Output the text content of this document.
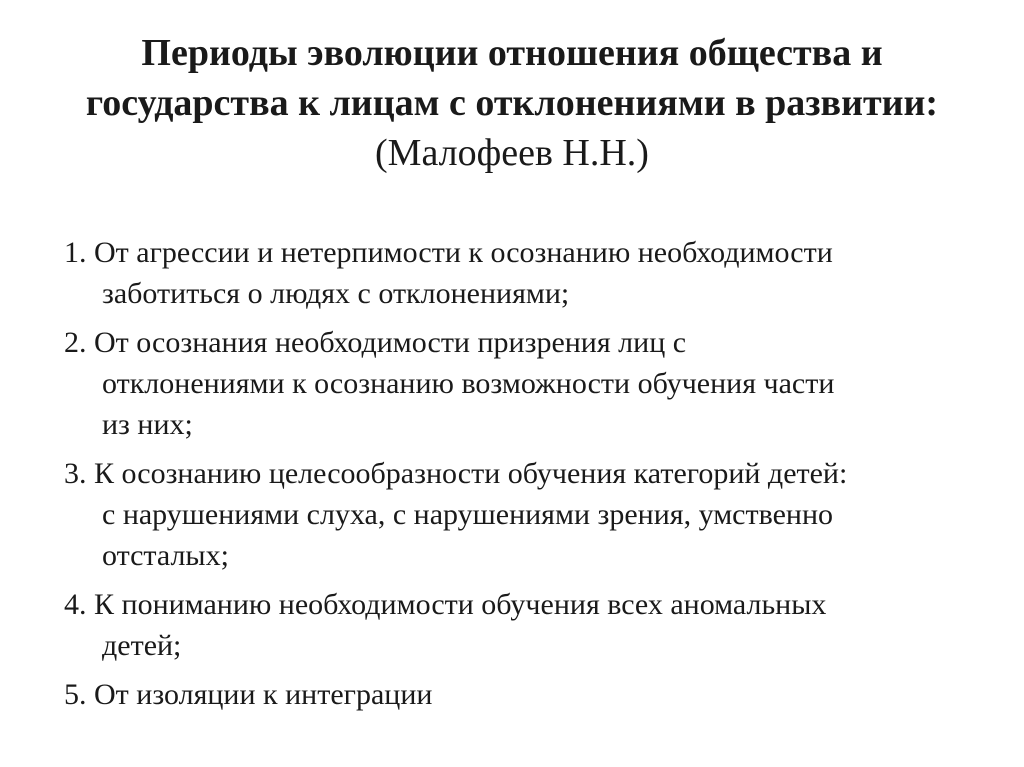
Периоды эволюции отношения общества и
государства к лицам с отклонениями в развитии:
(Малофеев Н.Н.)
1. От агрессии и нетерпимости к осознанию необходимости
заботиться о людях с отклонениями;
2. От осознания необходимости призрения лиц с
отклонениями к осознанию возможности обучения части
из них;
3. К осознанию целесообразности обучения категорий детей:
с нарушениями слуха, с нарушениями зрения, умственно
отсталых;
4. К пониманию необходимости обучения всех аномальных
детей;
5. От изоляции к интеграции
